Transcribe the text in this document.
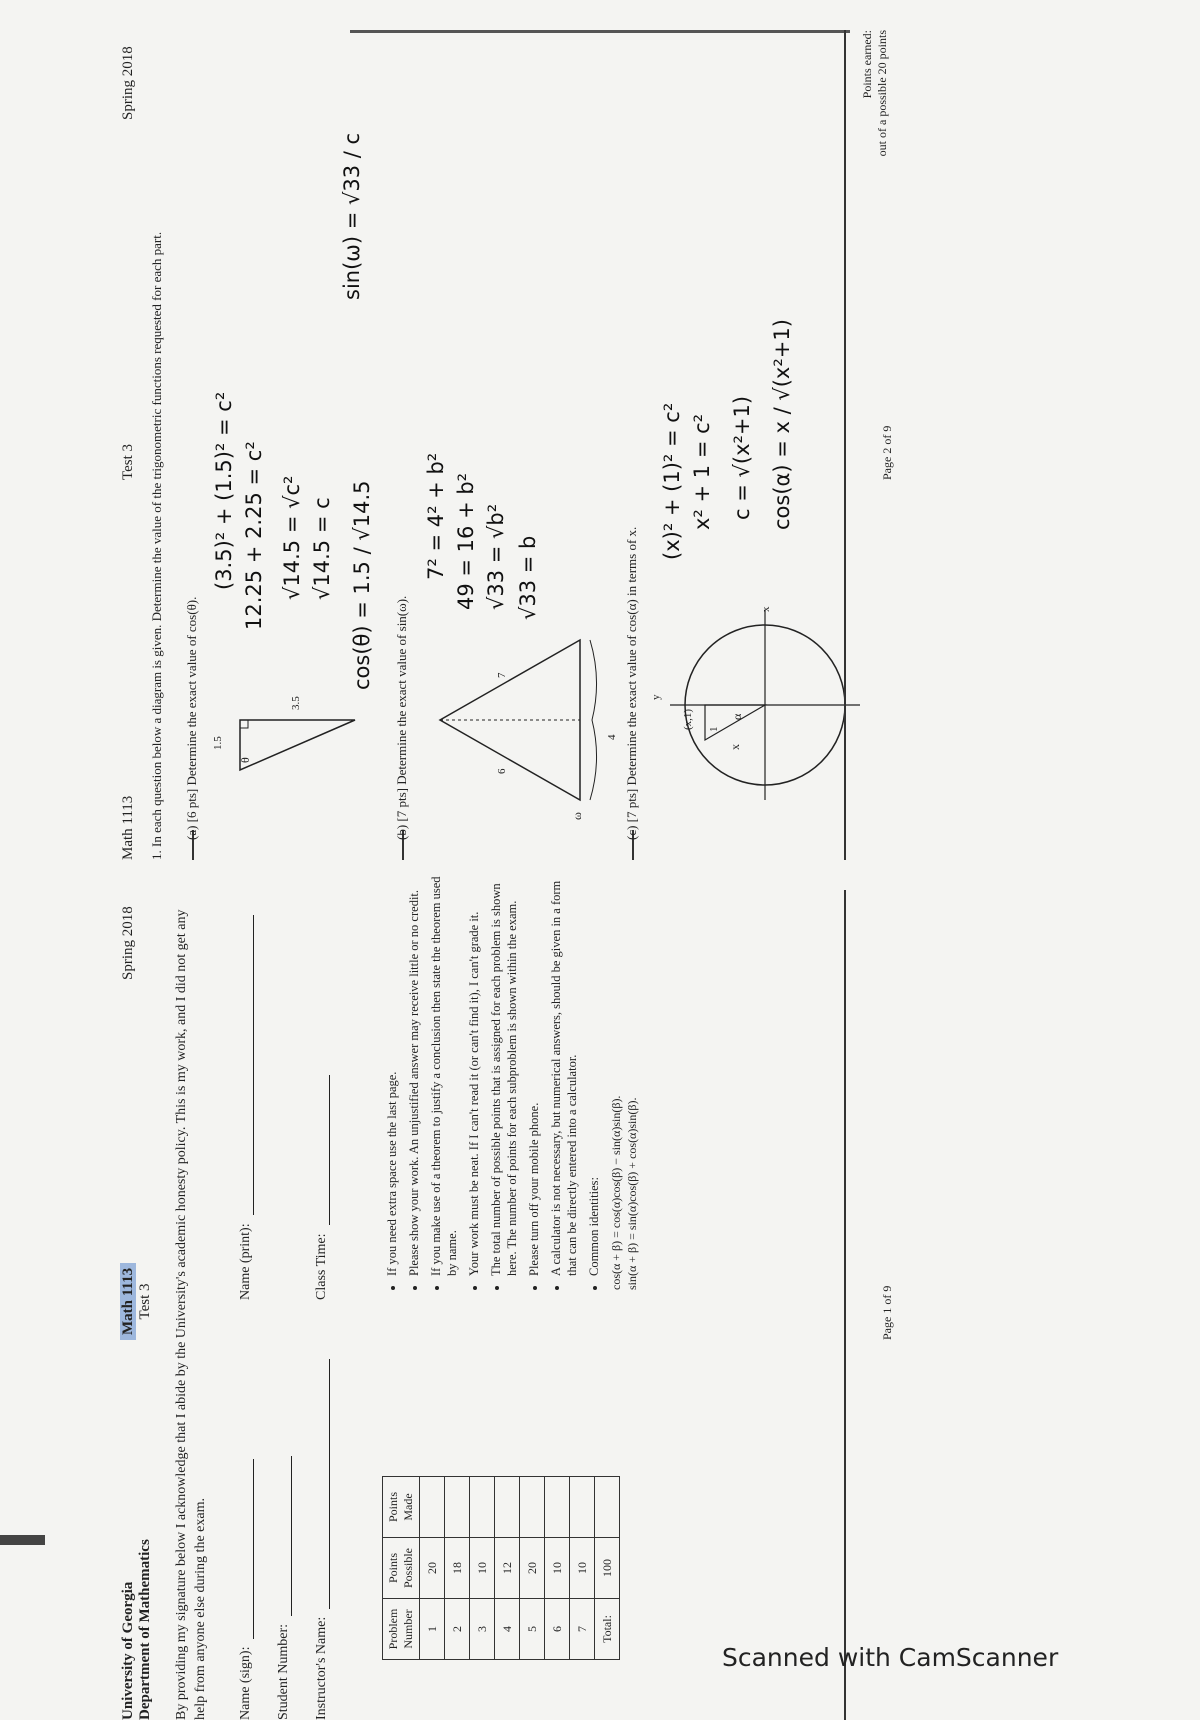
University of Georgia Department of Mathematics
Math 1113 Test 3
Spring 2018	By providing my signature below I acknowledge that I abide by the University's academic honesty policy. This is my work, and I did not get any help from anyone else during the exam. Name (sign):
Name (print):
Student Number: Instructor's Name:
Class Time:
Problem Number	Points Possible	Points Made
1	20	
2	18	
3	10	
4	12	
5	20	
6	10	
7	10	
Total:	100	
• If you need extra space use the last page. • Please show your work. An unjustified answer may receive little or no credit. • If you make use of a theorem to justify a conclusion then state the theorem used by name. • Your work must be neat. If I can't read it (or can't find it), I can't grade it. • The total number of possible points that is assigned for each problem is shown here. The number of points for each subproblem is shown within the exam. • Please turn off your mobile phone. • A calculator is not necessary, but numerical answers, should be given in a form that can be directly entered into a calculator. • Common identities: cos(α + β) = cos(α)cos(β) − sin(α)sin(β). sin(α + β) = sin(α)cos(β) + cos(α)sin(β).
Page 1 of 9
Math 1113
Test 3
Spring 2018
1. In each question below a diagram is given. Determine the value of the trigonometric functions requested for each part. (a) [6 pts] Determine the exact value of cos(θ).	3.5
1.5
θ
(3.5)² + (1.5)² = c² 12.25 + 2.25 = c² √14.5 = √c² √14.5 = c cos(θ) = 1.5 / √14.5
(b) [7 pts] Determine the exact value of sin(ω).	6
7
4
ω
7² = 4² + b² 49 = 16 + b² √33 = √b² √33 = b
sin(ω) = √33 / c
(c) [7 pts] Determine the exact value of cos(α) in terms of x.	(x,1)
y
x
α
x
1
(x)² + (1)² = c² x² + 1 = c² c = √(x²+1) cos(α) = x / √(x²+1)	Page 2 of 9
Points earned: out of a possible 20 points
Scanned with CamScanner
